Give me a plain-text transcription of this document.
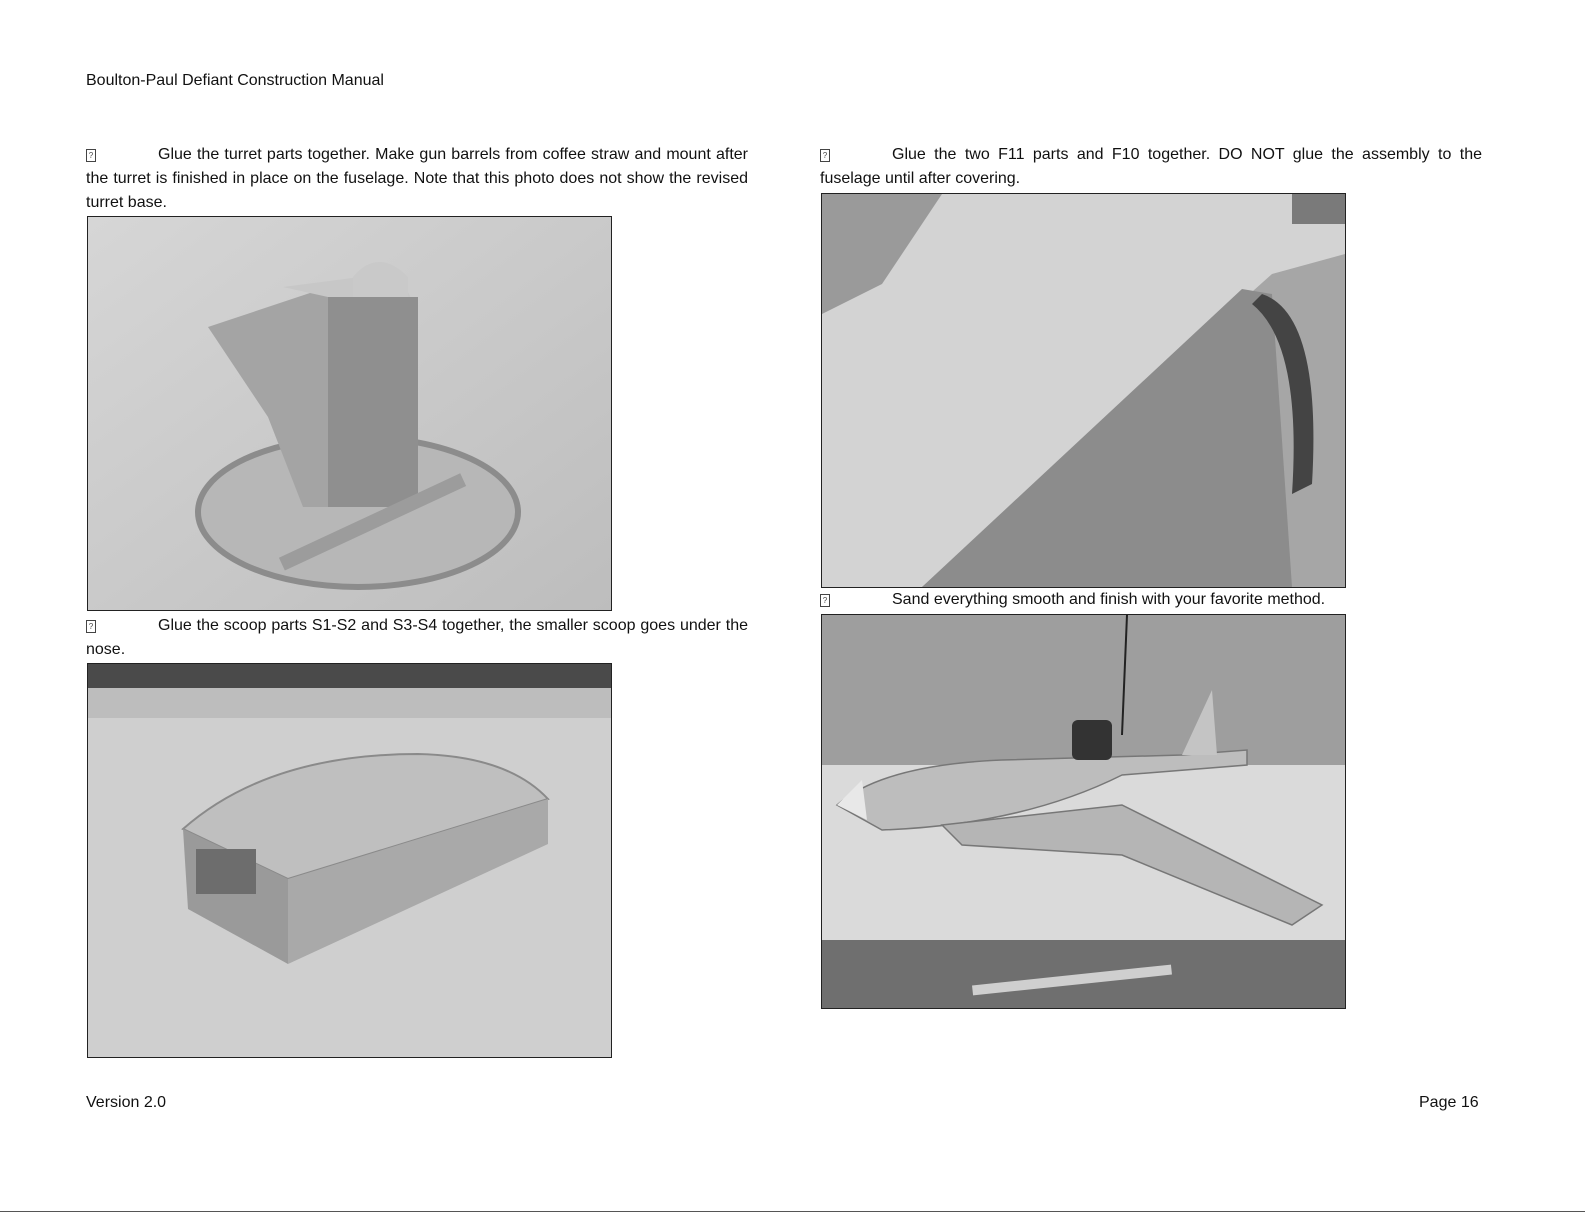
Boulton-Paul Defiant Construction Manual

?	Glue the turret parts together. Make gun barrels from coffee straw and mount after the turret is finished in place on the fuselage. Note that this photo does not show the revised turret base.

?	Glue the scoop parts S1-S2 and S3-S4 together, the smaller scoop goes under the nose.

?	Glue the two F11 parts and F10 together. DO NOT glue the assembly to the fuselage until after covering.

?	Sand everything smooth and finish with your favorite method.

Version 2.0	Page 16
